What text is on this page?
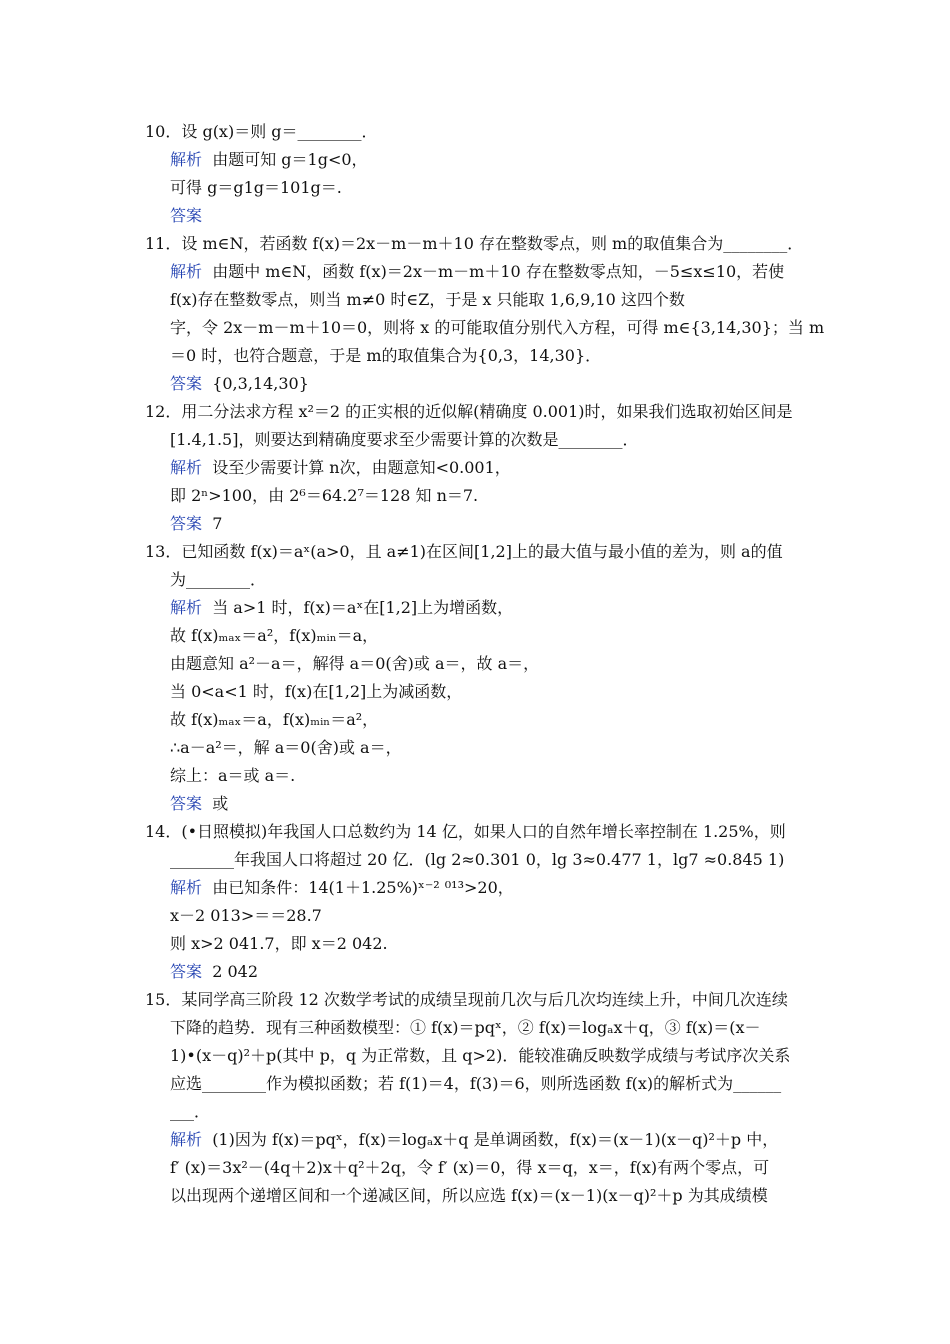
10．设 g(x)＝则 g＝________．
解析  由题可知 g＝1g<0，
可得 g＝g1g＝101g＝.
答案
11．设 m∈N，若函数 f(x)＝2x－m－m＋10 存在整数零点，则 m的取值集合为________．
解析  由题中 m∈N，函数 f(x)＝2x－m－m＋10 存在整数零点知，－5≤x≤10，若使
f(x)存在整数零点，则当 m≠0 时∈Z，于是 x 只能取 1,6,9,10 这四个数
字，令 2x－m－m＋10＝0，则将 x 的可能取值分别代入方程，可得 m∈{3,14,30}；当 m
＝0 时，也符合题意，于是 m的取值集合为{0,3，14,30}．
答案  {0,3,14,30}
12．用二分法求方程 x²＝2 的正实根的近似解(精确度 0.001)时，如果我们选取初始区间是
[1.4,1.5]，则要达到精确度要求至少需要计算的次数是________．
解析  设至少需要计算 n次，由题意知<0.001，
即 2ⁿ>100，由 2⁶＝64.2⁷＝128 知 n＝7.
答案  7
13．已知函数 f(x)＝aˣ(a>0，且 a≠1)在区间[1,2]上的最大值与最小值的差为，则 a的值
为________．
解析  当 a>1 时，f(x)＝aˣ在[1,2]上为增函数，
故 f(x)ₘₐₓ＝a²，f(x)ₘᵢₙ＝a，
由题意知 a²－a＝，解得 a＝0(舍)或 a＝，故 a＝，
当 0<a<1 时，f(x)在[1,2]上为减函数，
故 f(x)ₘₐₓ＝a，f(x)ₘᵢₙ＝a²，
∴a－a²＝，解 a＝0(舍)或 a＝，
综上：a＝或 a＝.
答案  或
14．(•日照模拟)年我国人口总数约为 14 亿，如果人口的自然年增长率控制在 1.25%，则
________年我国人口将超过 20 亿．(lg 2≈0.301 0，lg 3≈0.477 1，lg7 ≈0.845 1)
解析  由已知条件：14(1＋1.25%)ˣ⁻² ⁰¹³>20，
x－2 013>＝＝28.7
则 x>2 041.7，即 x＝2 042.
答案  2 042
15．某同学高三阶段 12 次数学考试的成绩呈现前几次与后几次均连续上升，中间几次连续
下降的趋势．现有三种函数模型：① f(x)＝pqˣ，② f(x)＝logₐx＋q，③ f(x)＝(x－
1)•(x－q)²＋p(其中 p，q 为正常数，且 q>2)．能较准确反映数学成绩与考试序次关系
应选________作为模拟函数；若 f(1)＝4，f(3)＝6，则所选函数 f(x)的解析式为______
___．
解析  (1)因为 f(x)＝pqˣ，f(x)＝logₐx＋q 是单调函数，f(x)＝(x－1)(x－q)²＋p 中，
f′ (x)＝3x²－(4q＋2)x＋q²＋2q，令 f′ (x)＝0，得 x＝q，x＝，f(x)有两个零点，可
以出现两个递增区间和一个递减区间，所以应选 f(x)＝(x－1)(x－q)²＋p 为其成绩模
